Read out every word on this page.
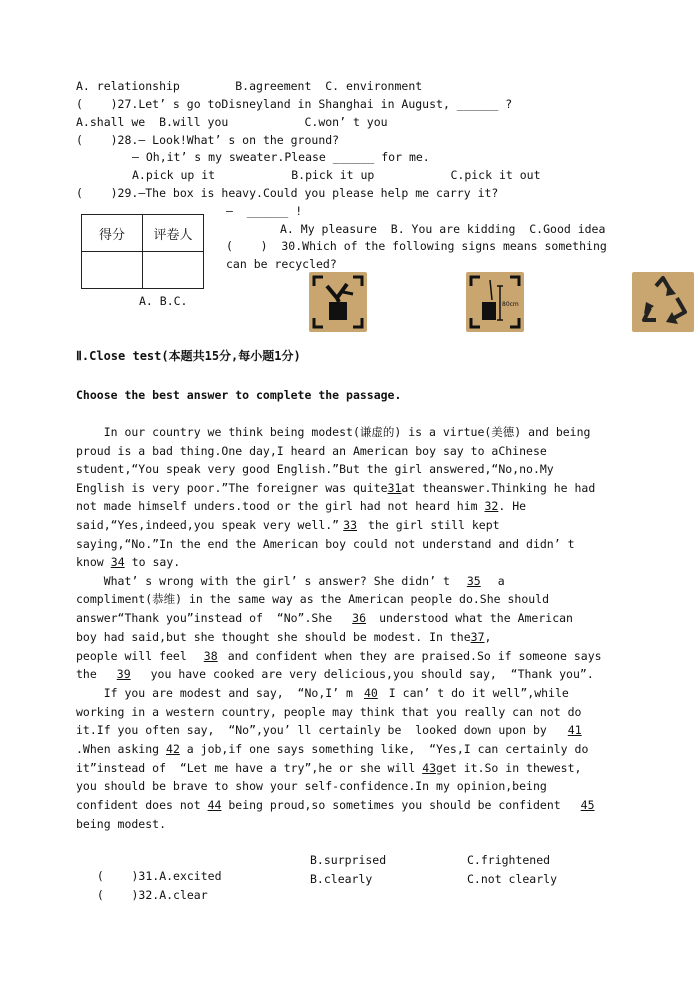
A. relationship        B.agreement  C. environment
(    )27.Let’ s go toDisneyland in Shanghai in August, ______ ?
A.shall we  B.will you           C.won’ t you
(    )28.— Look!What’ s on the ground?
— Oh,it’ s my sweater.Please ______ for me.
A.pick up it           B.pick it up           C.pick it out
(    )29.—The box is heavy.Could you please help me carry it?
—  ______ !
A. My pleasure  B. You are kidding  C.Good idea
(    )  30.Which of the following signs means something
can be recycled?
A. B.C.
得分	评卷人

80cm
Ⅱ.Close test(本题共15分,每小题1分)
Choose the best answer to complete the passage.
In our country we think being modest(谦虚的) is a virtue(美德) and being
proud is a bad thing.One day,I heard an American boy say to aChinese
student,“You speak very good English.”But the girl answered,“No,no.My
English is very poor.”The foreigner was quite31at theanswer.Thinking he had
not made himself unders.tood or the girl had not heard him 32. He
said,“Yes,indeed,you speak very well.” 33 the girl still kept
saying,“No.”In the end the American boy could not understand and didn’ t
know 34 to say.
What’ s wrong with the girl’ s answer? She didn’ t 35 a
compliment(恭维) in the same way as the American people do.She should
answer“Thank you”instead of  “No”.She 36 understood what the American
boy had said,but she thought she should be modest. In the37,
people will feel 38 and confident when they are praised.So if someone says
the 39 you have cooked are very delicious,you should say,  “Thank you”.
If you are modest and say,  “No,I’ m 40 I can’ t do it well”,while
working in a western country, people may think that you really can not do
it.If you often say,  “No”,you’ ll certainly be  looked down upon by 41
.When asking 42 a job,if one says something like,  “Yes,I can certainly do
it”instead of  “Let me have a try”,he or she will 43get it.So in thewest,
you should be brave to show your self-confidence.In my opinion,being
confident does not 44 being proud,so sometimes you should be confident 45
being modest.

(    )31.A.excited

B.surprised	C.frightened

(    )32.A.clear

B.clearly	C.not clearly
